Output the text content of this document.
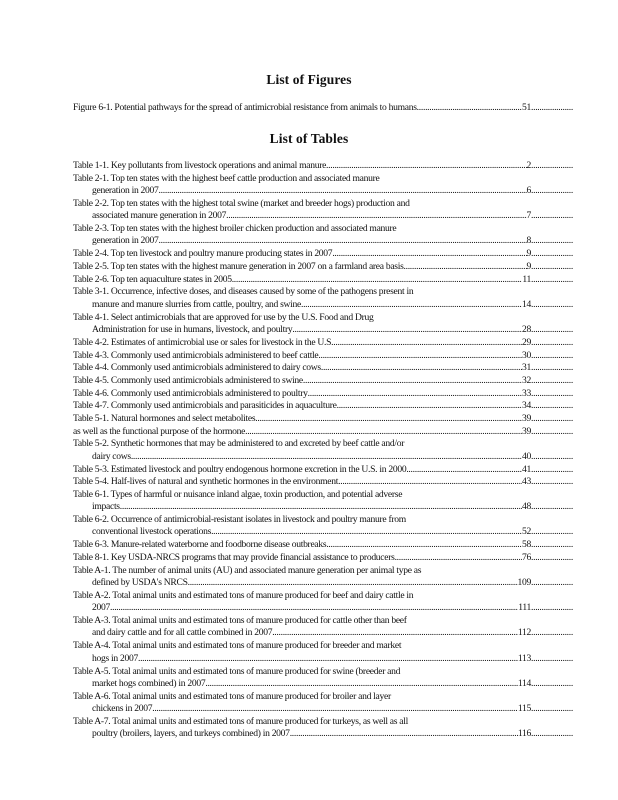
List of Figures
Figure 6-1. Potential pathways for the spread of antimicrobial resistance from animals to humans .....	51
.....
List of Tables
Table 1-1. Key pollutants from livestock operations and animal manure .....	2
.....
Table 2-1. Top ten states with the highest beef cattle production and associated manure
generation in 2007 .....	6
.....
Table 2-2. Top ten states with the highest total swine (market and breeder hogs) production and
associated manure generation in 2007 .....	7
.....
Table 2-3. Top ten states with the highest broiler chicken production and associated manure
generation in 2007 .....	8
.....
Table 2-4. Top ten livestock and poultry manure producing states in 2007 .....	9
.....
Table 2-5. Top ten states with the highest manure generation in 2007 on a farmland area basis .....	9
.....
Table 2-6. Top ten aquaculture states in 2005 .....	11
.....
Table 3-1. Occurrence, infective doses, and diseases caused by some of the pathogens present in
manure and manure slurries from cattle, poultry, and swine .....	14
.....
Table 4-1. Select antimicrobials that are approved for use by the U.S. Food and Drug
Administration for use in humans, livestock, and poultry .....	28
.....
Table 4-2. Estimates of antimicrobial use or sales for livestock in the U.S. .....	29
.....
Table 4-3. Commonly used antimicrobials administered to beef cattle .....	30
.....
Table 4-4. Commonly used antimicrobials administered to dairy cows .....	31
.....
Table 4-5. Commonly used antimicrobials administered to swine .....	32
.....
Table 4-6. Commonly used antimicrobials administered to poultry .....	33
.....
Table 4-7. Commonly used antimicrobials and parasiticides in aquaculture .....	34
.....
Table 5-1. Natural hormones and select metabolites .....	39
.....
as well as the functional purpose of the hormone .....	39
.....
Table 5-2. Synthetic hormones that may be administered to and excreted by beef cattle and/or
dairy cows .....	40
.....
Table 5-3. Estimated livestock and poultry endogenous hormone excretion in the U.S. in 2000 .....	41
.....
Table 5-4. Half-lives of natural and synthetic hormones in the environment .....	43
.....
Table 6-1. Types of harmful or nuisance inland algae, toxin production, and potential adverse
impacts .....	48
.....
Table 6-2. Occurrence of antimicrobial-resistant isolates in livestock and poultry manure from
conventional livestock operations .....	52
.....
Table 6-3. Manure-related waterborne and foodborne disease outbreaks .....	58
.....
Table 8-1. Key USDA-NRCS programs that may provide financial assistance to producers .....	76
.....
Table A-1. The number of animal units (AU) and associated manure generation per animal type as
defined by USDA's NRCS .....	109
.....
Table A-2. Total animal units and estimated tons of manure produced for beef and dairy cattle in
2007 .....	111
.....
Table A-3. Total animal units and estimated tons of manure produced for cattle other than beef
and dairy cattle and for all cattle combined in 2007 .....	112
.....
Table A-4. Total animal units and estimated tons of manure produced for breeder and market
hogs in 2007 .....	113
.....
Table A-5. Total animal units and estimated tons of manure produced for swine (breeder and
market hogs combined) in 2007 .....	114
.....
Table A-6. Total animal units and estimated tons of manure produced for broiler and layer
chickens in 2007 .....	115
.....
Table A-7. Total animal units and estimated tons of manure produced for turkeys, as well as all
poultry (broilers, layers, and turkeys combined) in 2007 .....	116
.....
